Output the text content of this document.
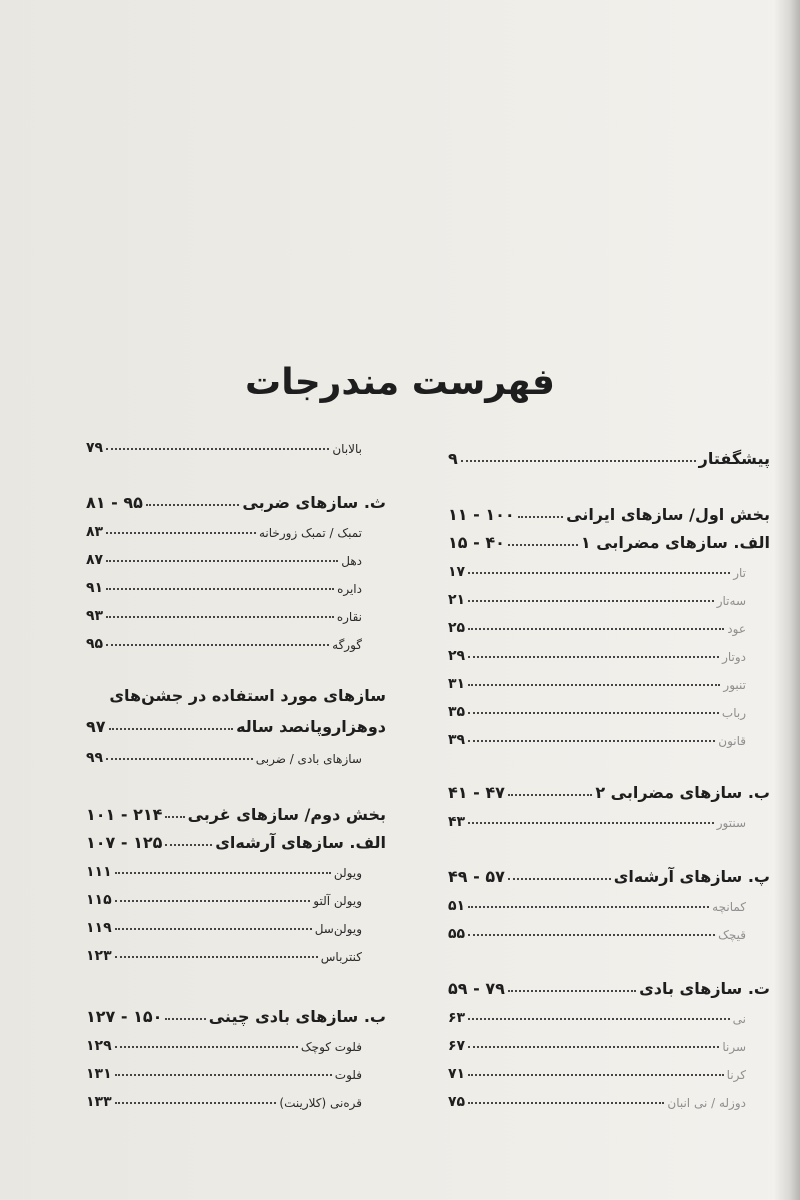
فهرست مندرجات
پیشگفتار
۹
بخش اول/ سازهای ایرانی
۱۰۰ - ۱۱
الف. سازهای مضرابی ۱
۴۰ - ۱۵
تار
۱۷
سه‌تار
۲۱
عود
۲۵
دوتار
۲۹
تنبور
۳۱
رباب
۳۵
قانون
۳۹
ب. سازهای مضرابی ۲
۴۷ - ۴۱
سنتور
۴۳
پ. سازهای آرشه‌ای
۵۷ - ۴۹
کمانچه
۵۱
قیچک
۵۵
ت. سازهای بادی
۷۹ - ۵۹
نی
۶۳
سرنا
۶۷
کرنا
۷۱
دوزله / نی انبان
۷۵
بالابان
۷۹
ث. سازهای ضربی
۹۵ - ۸۱
تمبک / تمبک زورخانه
۸۳
دهل
۸۷
دایره
۹۱
نقاره
۹۳
گورگه
۹۵
سازهای مورد استفاده در جشن‌های
دوهزاروپانصد ساله
۹۷
سازهای بادی / ضربی
۹۹
بخش دوم/ سازهای غربی
۲۱۴ - ۱۰۱
الف. سازهای آرشه‌ای
۱۲۵ - ۱۰۷
ویولن
۱۱۱
ویولن آلتو
۱۱۵
ویولن‌سل
۱۱۹
کنترباس
۱۲۳
ب. سازهای بادی چینی
۱۵۰ - ۱۲۷
فلوت کوچک
۱۲۹
فلوت
۱۳۱
قرەنی (کلارینت)
۱۳۳
